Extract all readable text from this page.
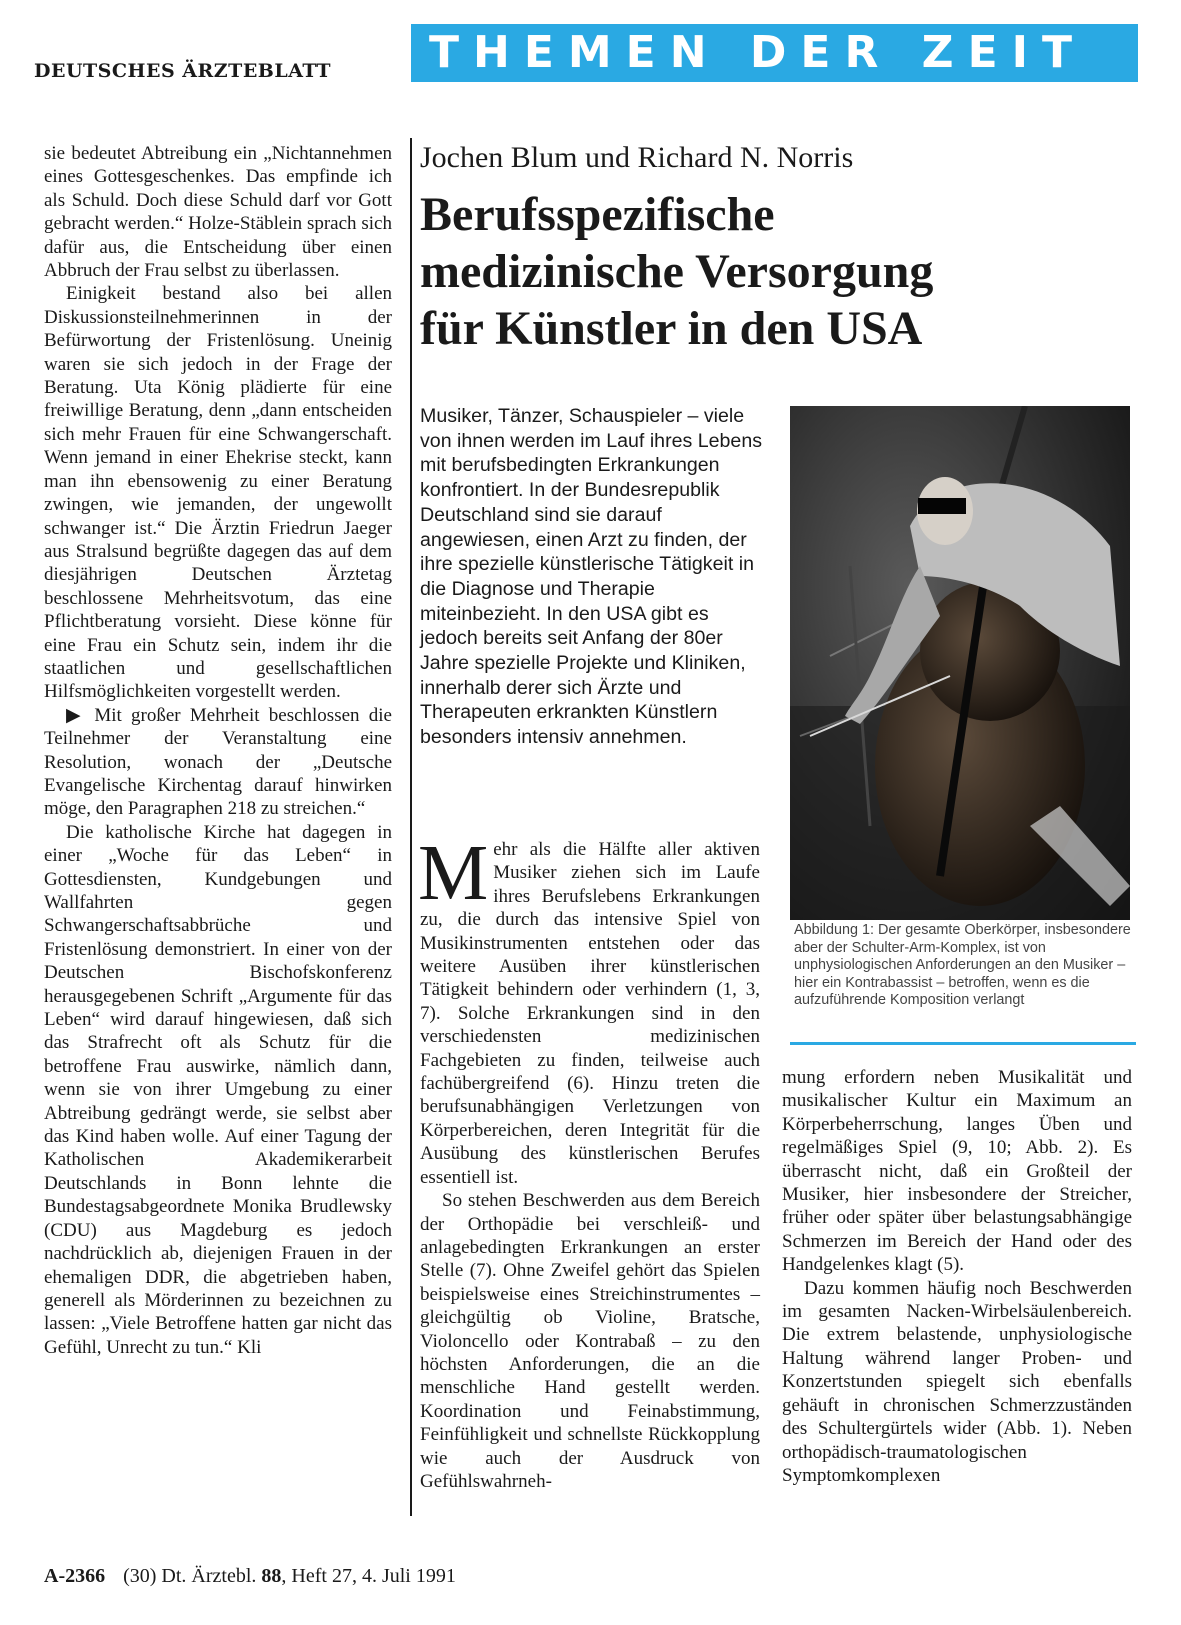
DEUTSCHES ÄRZTEBLATT	THEMEN DER ZEIT

sie bedeutet Abtreibung ein „Nichtannehmen eines Gottesgeschenkes. Das empfinde ich als Schuld. Doch diese Schuld darf vor Gott gebracht werden.“ Holze-Stäblein sprach sich dafür aus, die Entscheidung über einen Abbruch der Frau selbst zu überlassen.

Einigkeit bestand also bei allen Diskussionsteilnehmerinnen in der Befürwortung der Fristenlösung. Uneinig waren sie sich jedoch in der Frage der Beratung. Uta König plädierte für eine freiwillige Beratung, denn „dann entscheiden sich mehr Frauen für eine Schwangerschaft. Wenn jemand in einer Ehekrise steckt, kann man ihn ebensowenig zu einer Beratung zwingen, wie jemanden, der ungewollt schwanger ist.“ Die Ärztin Friedrun Jaeger aus Stralsund begrüßte dagegen das auf dem diesjährigen Deutschen Ärztetag beschlossene Mehrheitsvotum, das eine Pflichtberatung vorsieht. Diese könne für eine Frau ein Schutz sein, indem ihr die staatlichen und gesellschaftlichen Hilfsmöglichkeiten vorgestellt werden.

▶ Mit großer Mehrheit beschlossen die Teilnehmer der Veranstaltung eine Resolution, wonach der „Deutsche Evangelische Kirchentag darauf hinwirken möge, den Paragraphen 218 zu streichen.“

Die katholische Kirche hat dagegen in einer „Woche für das Leben“ in Gottesdiensten, Kundgebungen und Wallfahrten gegen Schwangerschaftsabbrüche und Fristenlösung demonstriert. In einer von der Deutschen Bischofskonferenz herausgegebenen Schrift „Argumente für das Leben“ wird darauf hingewiesen, daß sich das Strafrecht oft als Schutz für die betroffene Frau auswirke, nämlich dann, wenn sie von ihrer Umgebung zu einer Abtreibung gedrängt werde, sie selbst aber das Kind haben wolle. Auf einer Tagung der Katholischen Akademikerarbeit Deutschlands in Bonn lehnte die Bundestagsabgeordnete Monika Brudlewsky (CDU) aus Magdeburg es jedoch nachdrücklich ab, diejenigen Frauen in der ehemaligen DDR, die abgetrieben haben, generell als Mörderinnen zu bezeichnen zu lassen: „Viele Betroffene hatten gar nicht das Gefühl, Unrecht zu tun.“ Kli

Jochen Blum und Richard N. Norris
Berufsspezifische
medizinische Versorgung
für Künstler in den USA
Musiker, Tänzer, Schauspieler – viele von ihnen werden im Lauf ihres Lebens mit berufsbedingten Erkrankungen konfrontiert. In der Bundesrepublik Deutschland sind sie darauf angewiesen, einen Arzt zu finden, der ihre spezielle künstlerische Tätigkeit in die Diagnose und Therapie miteinbezieht. In den USA gibt es jedoch bereits seit Anfang der 80er Jahre spezielle Projekte und Kliniken, innerhalb derer sich Ärzte und Therapeuten erkrankten Künstlern besonders intensiv annehmen.
Abbildung 1: Der gesamte Oberkörper, insbesondere aber der Schulter-Arm-Komplex, ist von unphysiologischen Anforderungen an den Musiker – hier ein Kontrabassist – betroffen, wenn es die aufzuführende Komposition verlangt

Mehr als die Hälfte aller aktiven Musiker ziehen sich im Laufe ihres Berufslebens Erkrankungen zu, die durch das intensive Spiel von Musikinstrumenten entstehen oder das weitere Ausüben ihrer künstlerischen Tätigkeit behindern oder verhindern (1, 3, 7). Solche Erkrankungen sind in den verschiedensten medizinischen Fachgebieten zu finden, teilweise auch fachübergreifend (6). Hinzu treten die berufsunabhängigen Verletzungen von Körperbereichen, deren Integrität für die Ausübung des künstlerischen Berufes essentiell ist.

So stehen Beschwerden aus dem Bereich der Orthopädie bei verschleiß- und anlagebedingten Erkrankungen an erster Stelle (7). Ohne Zweifel gehört das Spielen beispielsweise eines Streichinstrumentes – gleichgültig ob Violine, Bratsche, Violoncello oder Kontrabaß – zu den höchsten Anforderungen, die an die menschliche Hand gestellt werden. Koordination und Feinabstimmung, Feinfühligkeit und schnellste Rückkopplung wie auch der Ausdruck von Gefühlswahrneh-

mung erfordern neben Musikalität und musikalischer Kultur ein Maximum an Körperbeherrschung, langes Üben und regelmäßiges Spiel (9, 10; Abb. 2). Es überrascht nicht, daß ein Großteil der Musiker, hier insbesondere der Streicher, früher oder später über belastungsabhängige Schmerzen im Bereich der Hand oder des Handgelenkes klagt (5).

Dazu kommen häufig noch Beschwerden im gesamten Nacken-Wirbelsäulenbereich. Die extrem belastende, unphysiologische Haltung während langer Proben- und Konzertstunden spiegelt sich ebenfalls gehäuft in chronischen Schmerzzuständen des Schultergürtels wider (Abb. 1). Neben orthopädisch-traumatologischen Symptomkomplexen

A-2366 (30) Dt. Ärztebl. 88, Heft 27, 4. Juli 1991
